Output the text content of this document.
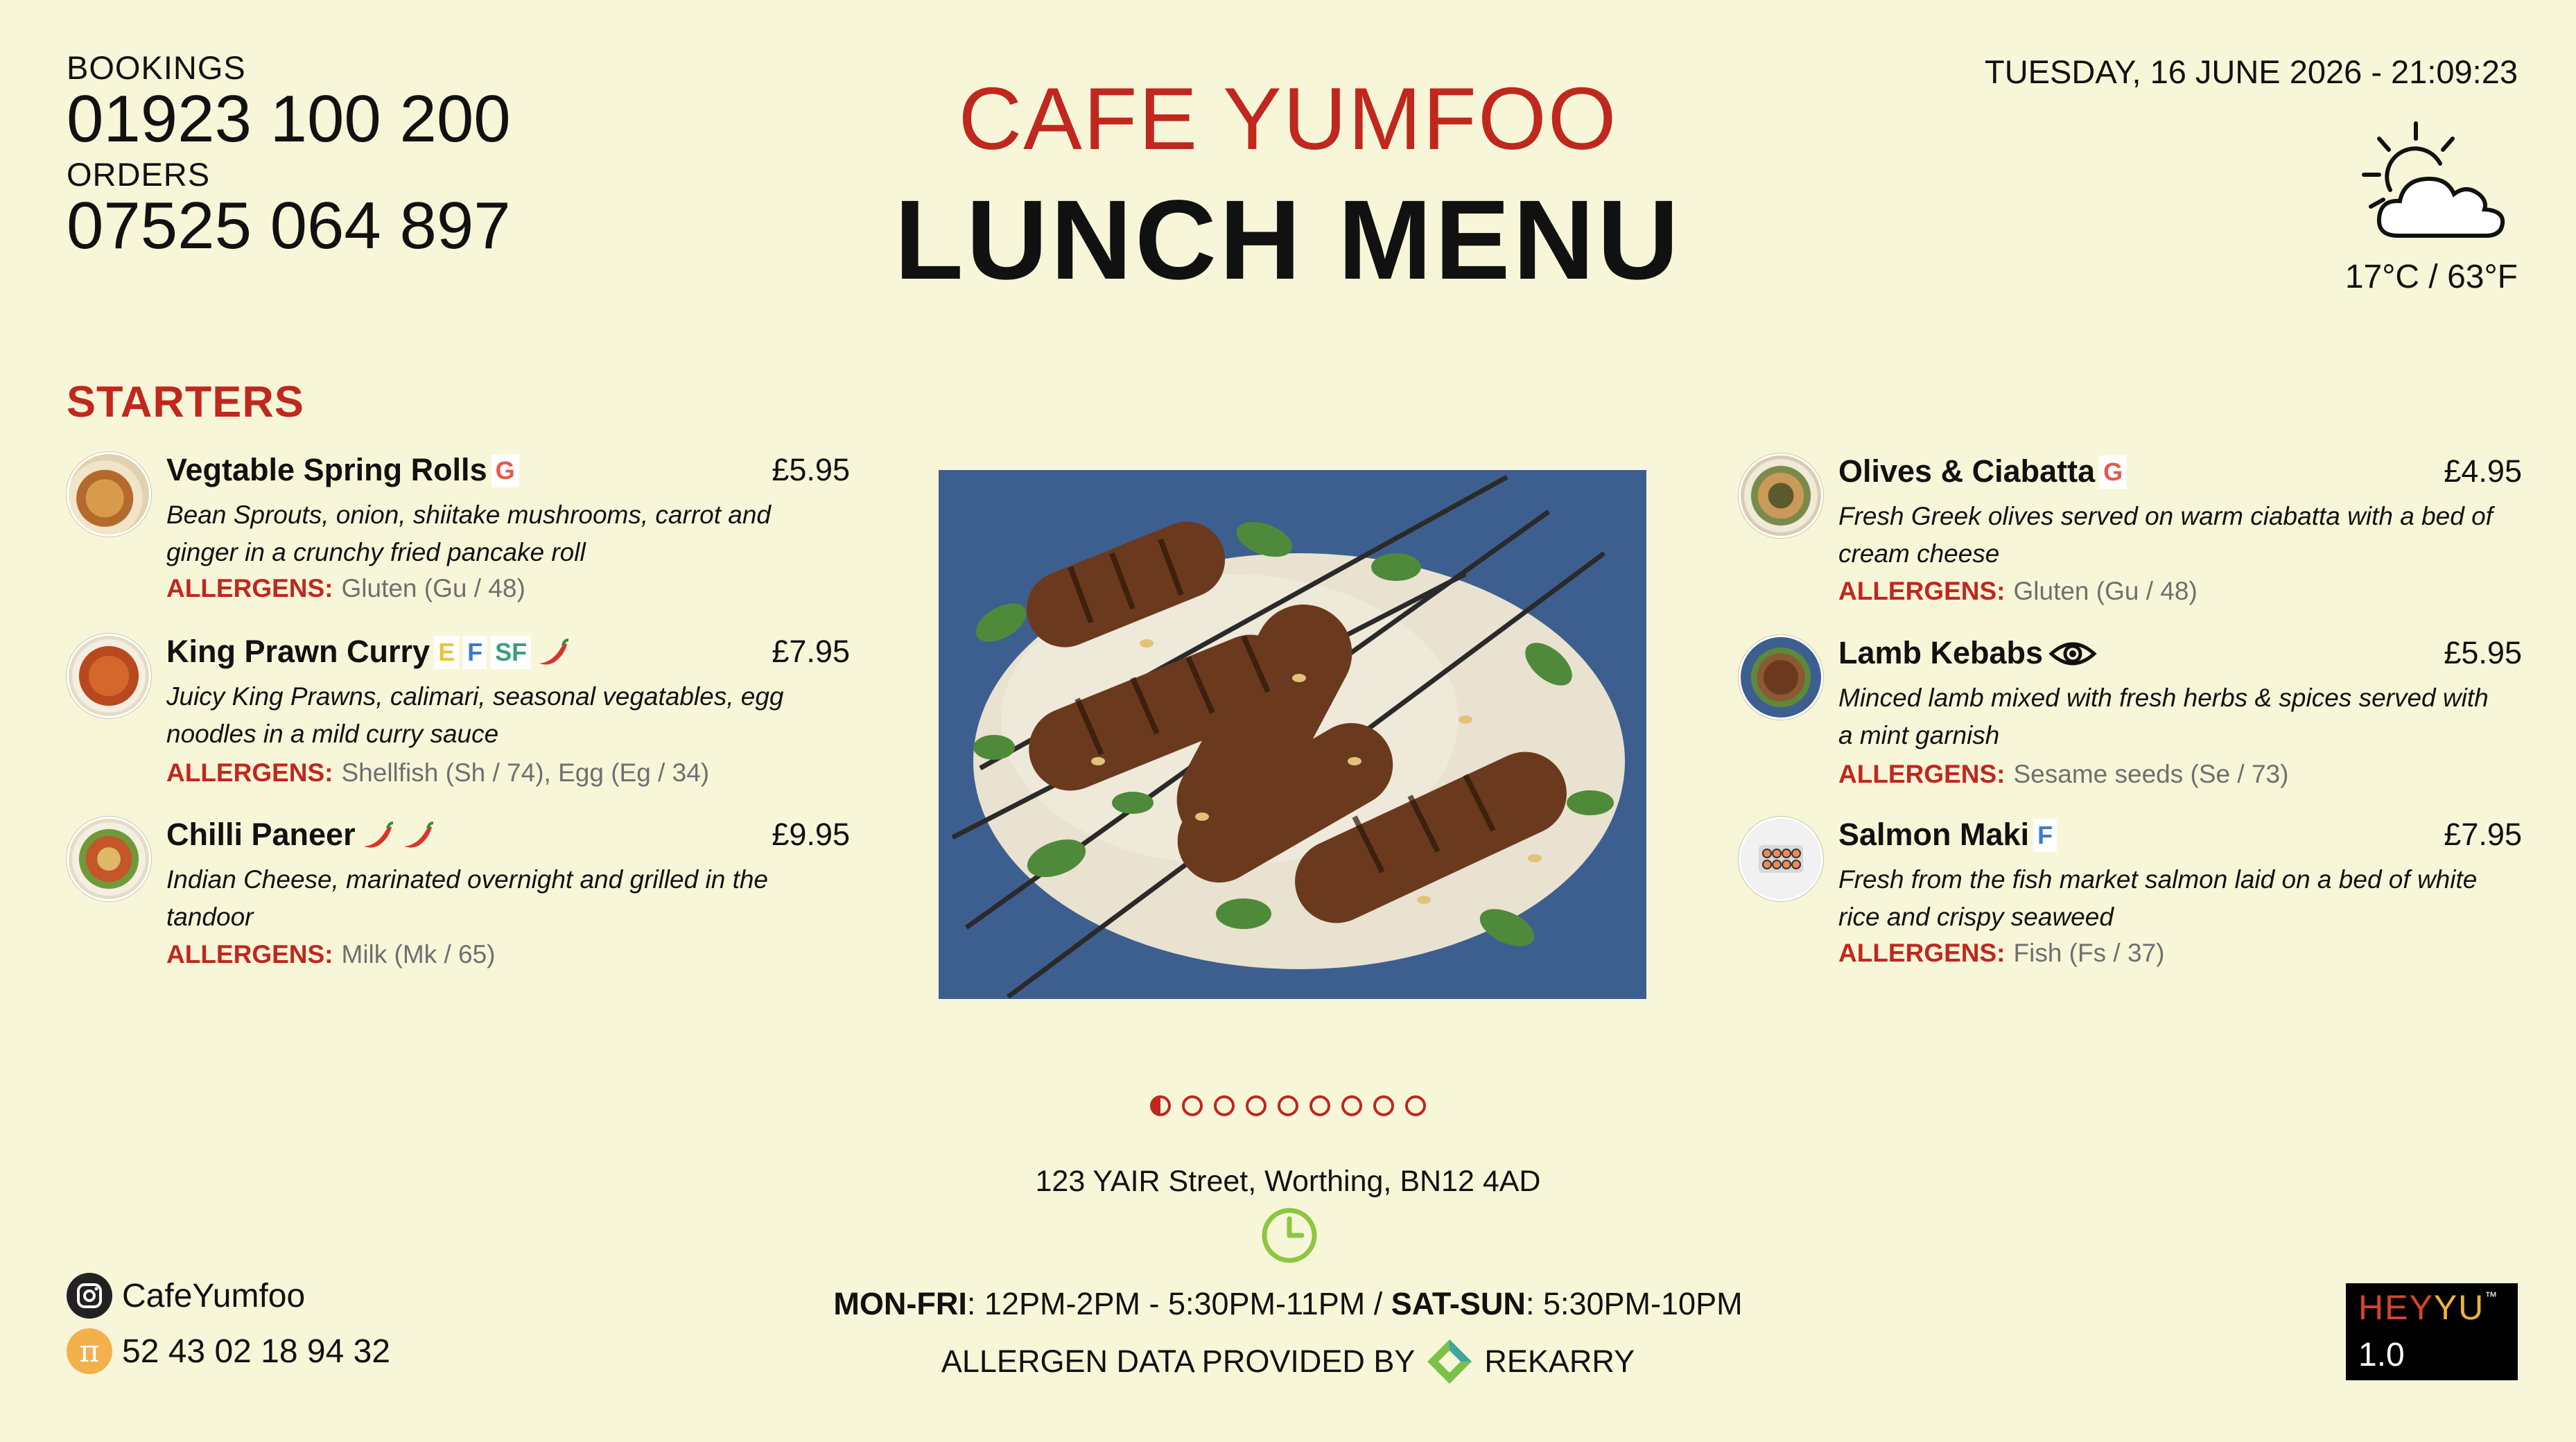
BOOKINGS
01923 100 200
ORDERS
07525 064 897
CAFE YUMFOO
LUNCH MENU
TUESDAY, 16 JUNE 2026 - 21:09:23
17°C / 63°F
STARTERS
Vegtable Spring Rolls G	£5.95
Bean Sprouts, onion, shiitake mushrooms, carrot and ginger in a crunchy fried pancake roll
ALLERGENS: Gluten (Gu / 48)
King Prawn Curry E F SF	£7.95
Juicy King Prawns, calimari, seasonal vegatables, egg noodles in a mild curry sauce
ALLERGENS: Shellfish (Sh / 74), Egg (Eg / 34)
Chilli Paneer	£9.95
Indian Cheese, marinated overnight and grilled in the tandoor
ALLERGENS: Milk (Mk / 65)
Olives & Ciabatta G	£4.95
Fresh Greek olives served on warm ciabatta with a bed of cream cheese
ALLERGENS: Gluten (Gu / 48)
Lamb Kebabs	£5.95
Minced lamb mixed with fresh herbs & spices served with a mint garnish
ALLERGENS: Sesame seeds (Se / 73)
Salmon Maki F	£7.95
Fresh from the fish market salmon laid on a bed of white rice and crispy seaweed
ALLERGENS: Fish (Fs / 37)
123 YAIR Street, Worthing, BN12 4AD
MON-FRI: 12PM-2PM - 5:30PM-11PM / SAT-SUN: 5:30PM-10PM
ALLERGEN DATA PROVIDED BY REKARRY
CafeYumfoo
π 52 43 02 18 94 32
HEYYU™
1.0
